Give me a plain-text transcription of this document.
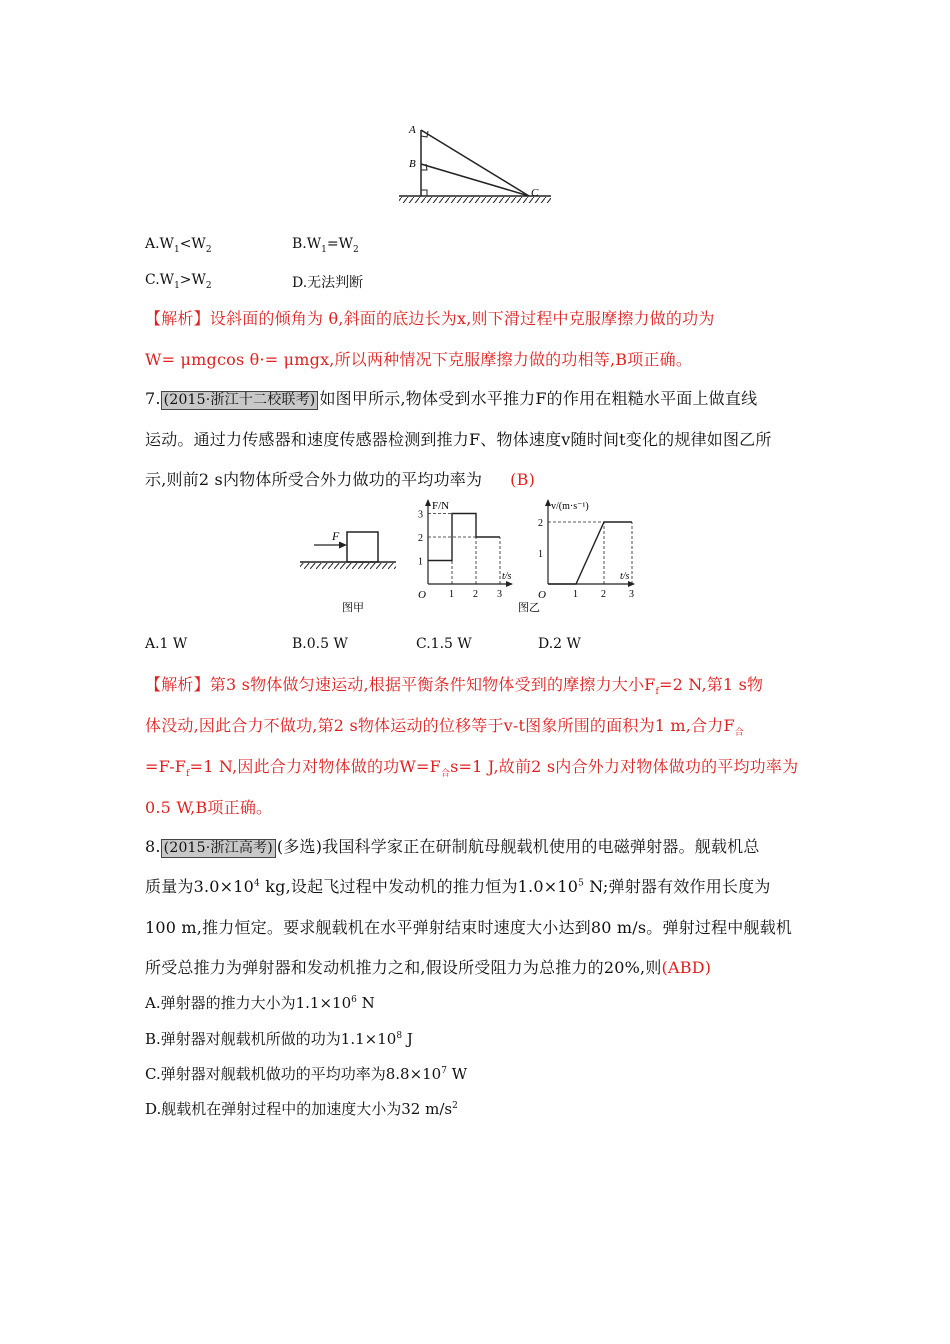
A
B
C
$A.W_1<W_2$	$B.W_1=W_2$
$C.W_1>W_2$	D.无法判断
【解析】设斜面的倾角为 θ,斜面的底边长为x,则下滑过程中克服摩擦力做的功为
W= μmgcos θ·= μmgx,所以两种情况下克服摩擦力做的功相等,B项正确。
7. (2015·浙江十二校联考) 如图甲所示,物体受到水平推力F的作用在粗糙水平面上做直线
运动。通过力传感器和速度传感器检测到推力F、物体速度v随时间t变化的规律如图乙所
示,则前2 s内物体所受合外力做功的平均功率为 (B)
F
图甲
1 2 3
1
2
3
F/N
t/s
O	1 2 3
1
2
v/(m·s⁻¹)
t/s
O
图乙
A.1 W	B.0.5 W	C.1.5 W	D.2 W
【解析】第3 s物体做匀速运动,根据平衡条件知物体受到的摩擦力大小$F_f=2$ N,第1 s物
体没动,因此合力不做功,第2 s物体运动的位移等于v-t图象所围的面积为1 m,合力$F_合$
$=F-F_f=1$ N,因此合力对物体做的功$W=F_合s=1$ J,故前2 s内合外力对物体做功的平均功率为
0.5 W,B项正确。
8. (2015·浙江高考) (多选)我国科学家正在研制航母舰载机使用的电磁弹射器。舰载机总
质量为$3.0\times 10^4$ kg,设起飞过程中发动机的推力恒为$1.0\times 10^5$ N;弹射器有效作用长度为
100 m,推力恒定。要求舰载机在水平弹射结束时速度大小达到80 m/s。弹射过程中舰载机
所受总推力为弹射器和发动机推力之和,假设所受阻力为总推力的20%,则(ABD)
A.弹射器的推力大小为$1.1\times 10^6$ N
B.弹射器对舰载机所做的功为$1.1\times 10^8$ J
C.弹射器对舰载机做功的平均功率为$8.8\times 10^7$ W
D.舰载机在弹射过程中的加速度大小为32 $m/s^2$
